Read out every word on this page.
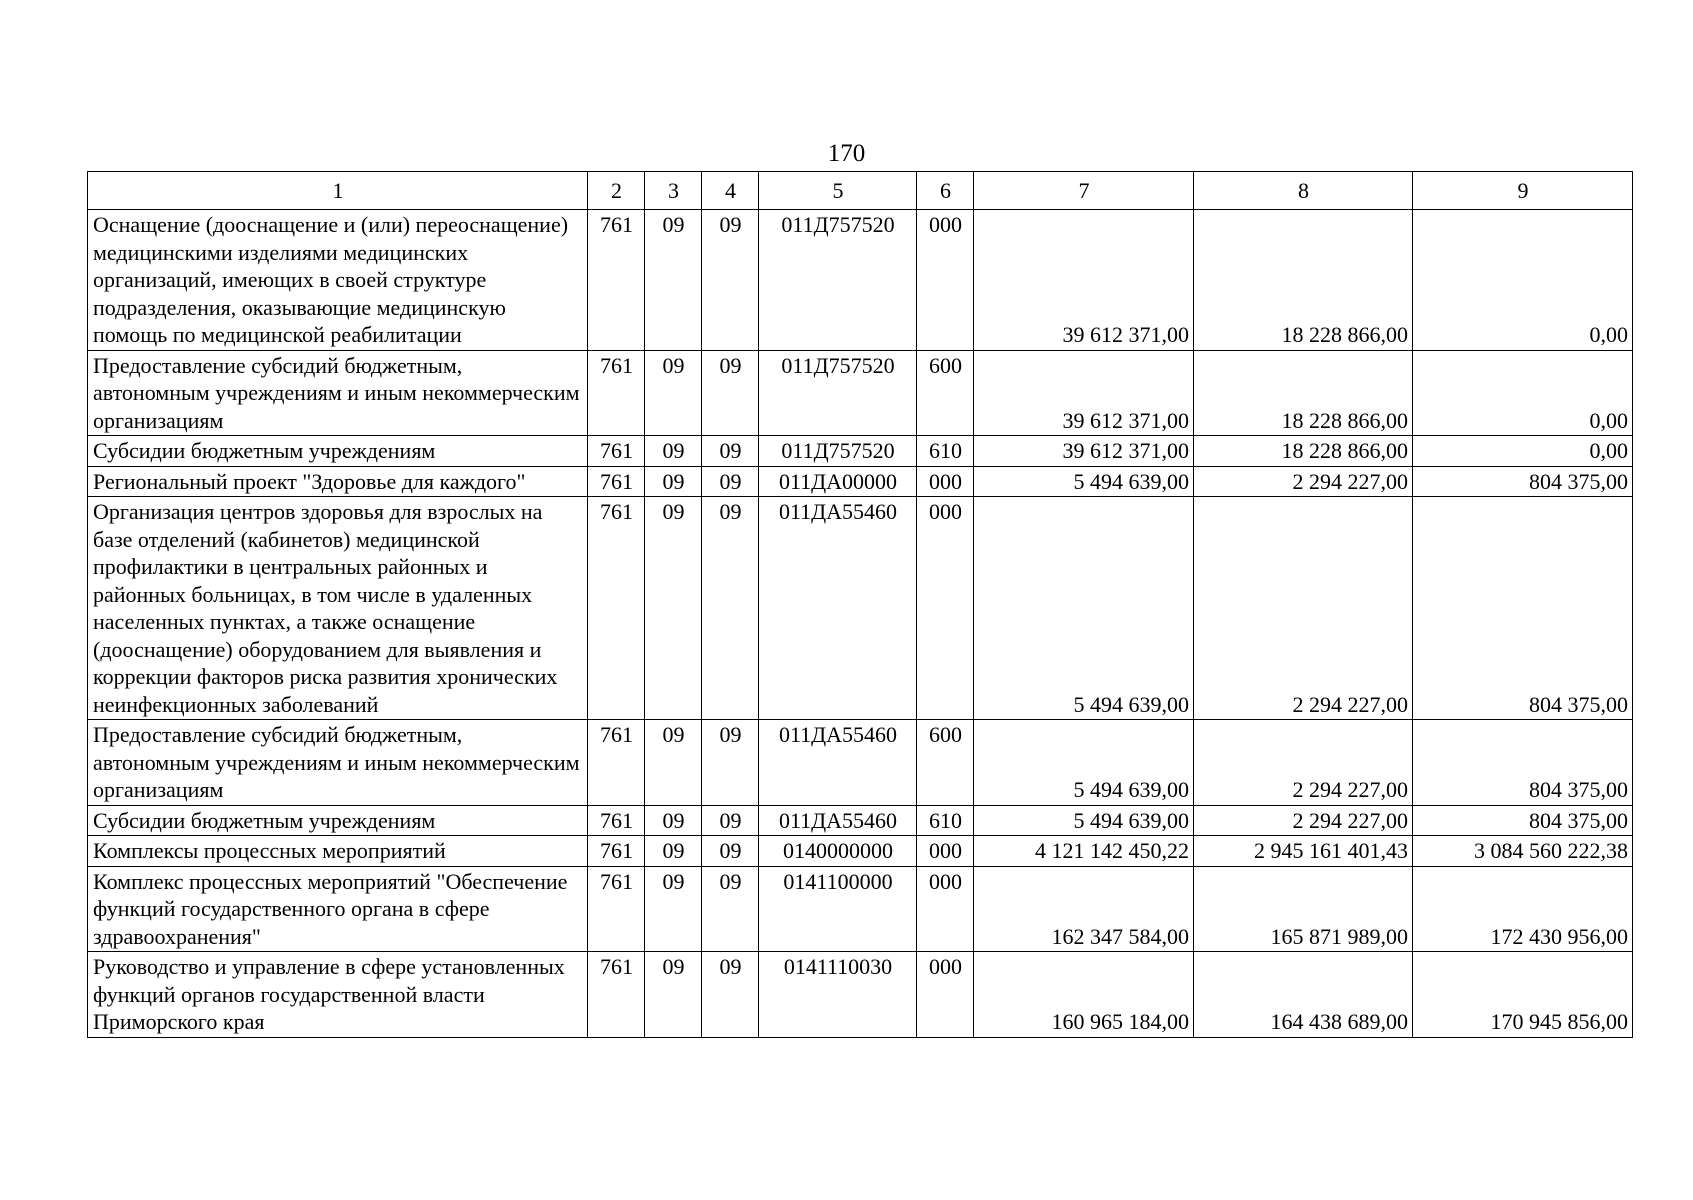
170
1	2	3	4	5	6	7	8	9
Оснащение (дооснащение и (или) переоснащение) медицинскими изделиями медицинских организаций, имеющих в своей структуре подразделения, оказывающие медицинскую помощь по медицинской реабилитации	761	09	09	011Д757520	000	39 612 371,00	18 228 866,00	0,00
Предоставление субсидий бюджетным, автономным учреждениям и иным некоммерческим организациям	761	09	09	011Д757520	600	39 612 371,00	18 228 866,00	0,00
Субсидии бюджетным учреждениям	761	09	09	011Д757520	610	39 612 371,00	18 228 866,00	0,00
Региональный проект "Здоровье для каждого"	761	09	09	011ДА00000	000	5 494 639,00	2 294 227,00	804 375,00
Организация центров здоровья для взрослых на базе отделений (кабинетов) медицинской профилактики в центральных районных и районных больницах, в том числе в удаленных населенных пунктах, а также оснащение (дооснащение) оборудованием для выявления и коррекции факторов риска развития хронических неинфекционных заболеваний	761	09	09	011ДА55460	000	5 494 639,00	2 294 227,00	804 375,00
Предоставление субсидий бюджетным, автономным учреждениям и иным некоммерческим организациям	761	09	09	011ДА55460	600	5 494 639,00	2 294 227,00	804 375,00
Субсидии бюджетным учреждениям	761	09	09	011ДА55460	610	5 494 639,00	2 294 227,00	804 375,00
Комплексы процессных мероприятий	761	09	09	0140000000	000	4 121 142 450,22	2 945 161 401,43	3 084 560 222,38
Комплекс процессных мероприятий "Обеспечение функций государственного органа в сфере здравоохранения"	761	09	09	0141100000	000	162 347 584,00	165 871 989,00	172 430 956,00
Руководство и управление в сфере установленных функций органов государственной власти Приморского края	761	09	09	0141110030	000	160 965 184,00	164 438 689,00	170 945 856,00
